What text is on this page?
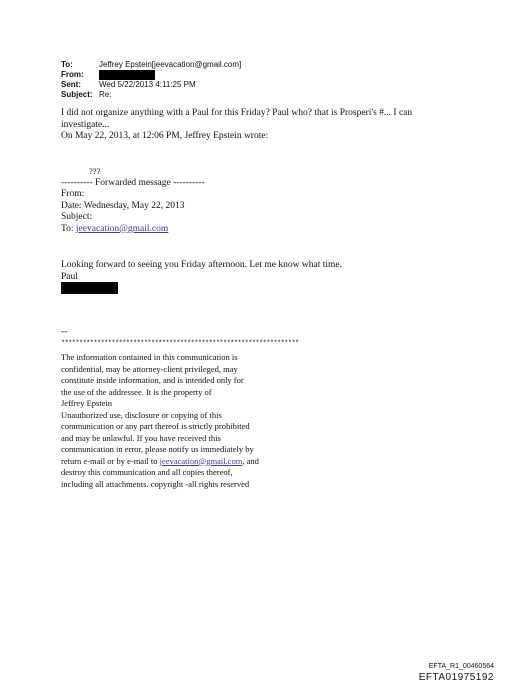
To:	Jeffrey Epstein[jeevacation@gmail.com]
From:
Sent:	Wed 5/22/2013 4:11:25 PM
Subject: Re:
I did not organize anything with a Paul for this Friday? Paul who? that is Prosperi's #... I can
investigate...
On May 22, 2013, at 12:06 PM, Jeffrey Epstein wrote:
???
---------- Forwarded message ----------
From:
Date: Wednesday, May 22, 2013
Subject:
To: jeevacation@gmail.com
Looking forward to seeing you Friday afternoon. Let me know what time.
Paul
--
******************************************************************
The information contained in this communication is
confidential, may be attorney-client privileged, may
constitute inside information, and is intended only for
the use of the addressee. It is the property of
Jeffrey Epstein
Unauthorized use, disclosure or copying of this
communication or any part thereof is strictly prohibited
and may be unlawful. If you have received this
communication in error, please notify us immediately by
return e-mail or by e-mail to jeevacation@gmail.com, and
destroy this communication and all copies thereof,
including all attachments. copyright -all rights reserved
EFTA_R1_00460564
EFTA01975192
